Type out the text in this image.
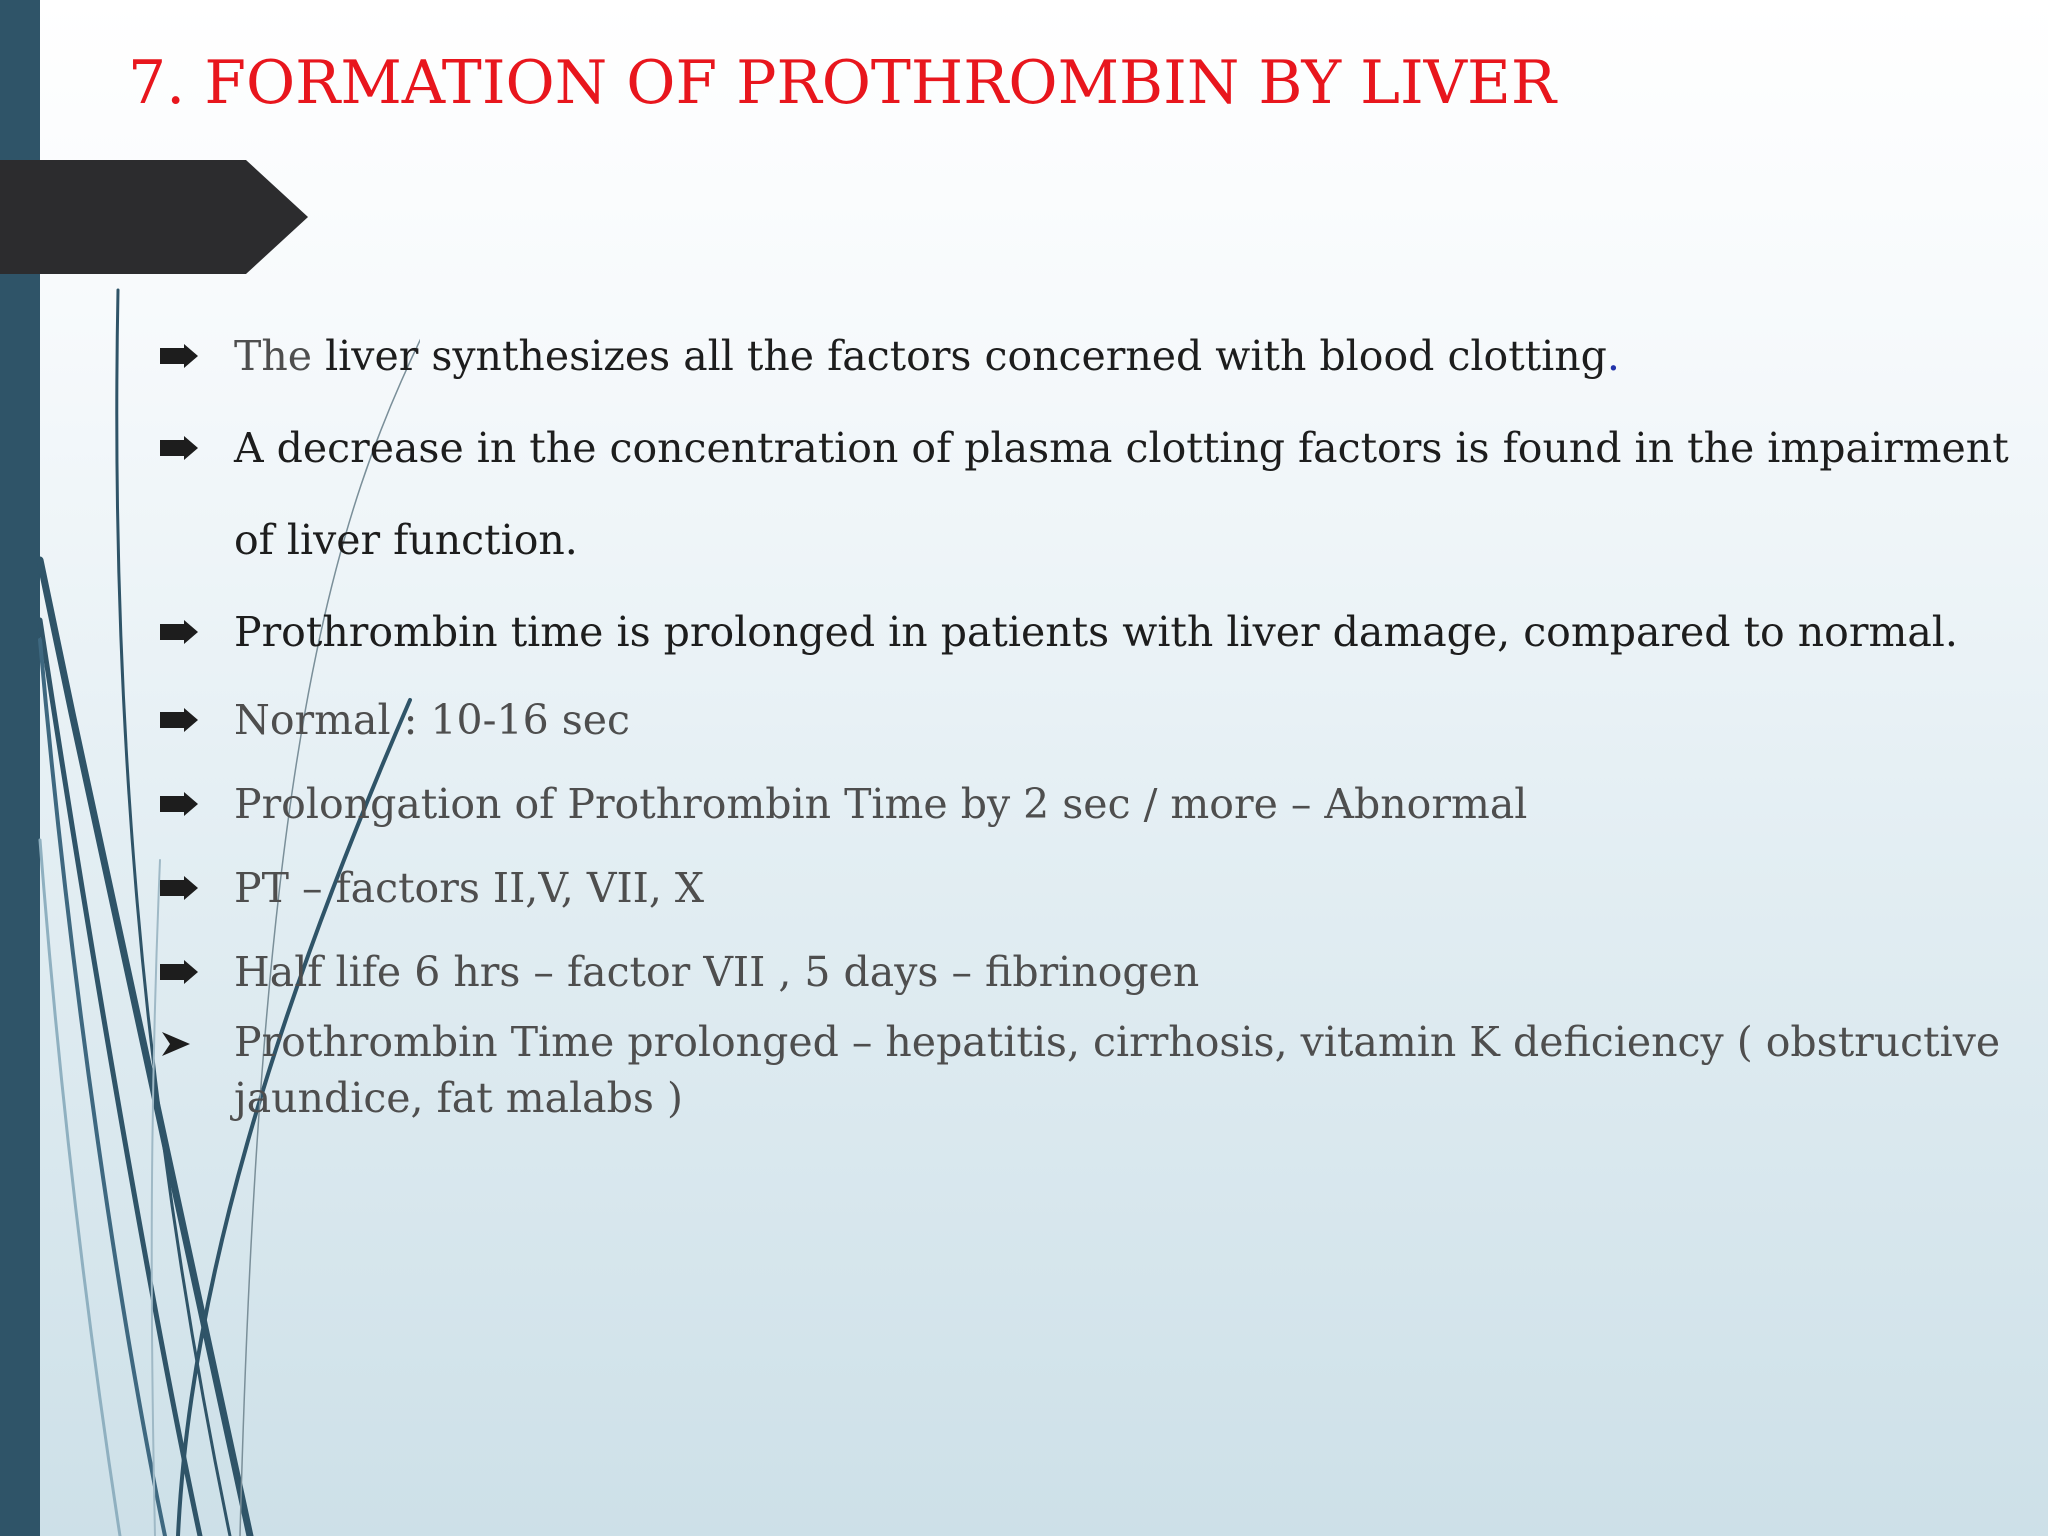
7. FORMATION OF PROTHROMBIN BY LIVER
The liver synthesizes all the factors concerned with blood clotting.
A decrease in the concentration of plasma clotting factors is found in the impairment of liver function.
Prothrombin time is prolonged in patients with liver damage, compared to normal.
Normal : 10-16 sec
Prolongation of Prothrombin Time by 2 sec / more – Abnormal
PT – factors II,V, VII, X
Half life 6 hrs – factor VII , 5 days – fibrinogen
Prothrombin Time prolonged – hepatitis, cirrhosis, vitamin K deficiency ( obstructive jaundice, fat malabs )
